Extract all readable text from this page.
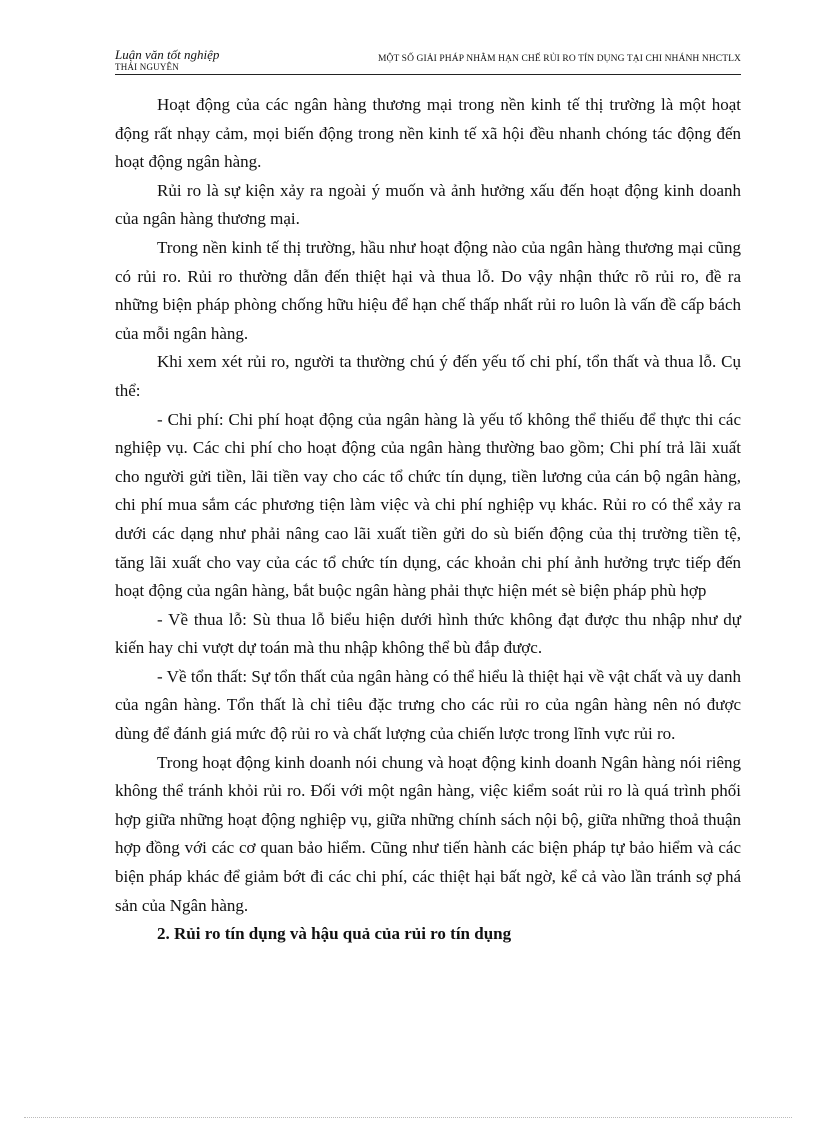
Luận văn tốt nghiệp
THÁI NGUYÊN
MỘT SỐ GIẢI PHÁP NHẰM HẠN CHẾ RỦI RO TÍN DỤNG TẠI CHI NHÁNH NHCTLX

Hoạt động của các ngân hàng thương mại trong nền kinh tế thị trường là một hoạt động rất nhạy cảm, mọi biến động trong nền kinh tế xã hội đều nhanh chóng tác động đến hoạt động ngân hàng.

Rủi ro là sự kiện xảy ra ngoài ý muốn và ảnh hưởng xấu đến hoạt động kinh doanh của ngân hàng thương mại.

Trong nền kinh tế thị trường, hầu như hoạt động nào của ngân hàng thương mại cũng có rủi ro. Rủi ro thường dẫn đến thiệt hại và thua lỗ. Do vậy nhận thức rõ rủi ro, đề ra những biện pháp phòng chống hữu hiệu để hạn chế thấp nhất rủi ro luôn là vấn đề cấp bách của mỗi ngân hàng.

Khi xem xét rủi ro, người ta thường chú ý đến yếu tố chi phí, tổn thất và thua lỗ. Cụ thể:

- Chi phí: Chi phí hoạt động của ngân hàng là yếu tố không thể thiếu để thực thi các nghiệp vụ. Các chi phí cho hoạt động của ngân hàng thường bao gồm; Chi phí trả lãi xuất cho người gửi tiền, lãi tiền vay cho các tổ chức tín dụng, tiền lương của cán bộ ngân hàng, chi phí mua sắm các phương tiện làm việc và chi phí nghiệp vụ khác. Rủi ro có thể xảy ra dưới các dạng như phải nâng cao lãi xuất tiền gửi do sù biến động của thị trường tiền tệ, tăng lãi xuất cho vay của các tổ chức tín dụng, các khoản chi phí ảnh hưởng trực tiếp đến hoạt động của ngân hàng, bắt buộc ngân hàng phải thực hiện mét sè biện pháp phù hợp

- Về thua lỗ: Sù thua lỗ biểu hiện dưới hình thức không đạt được thu nhập như dự kiến hay chi vượt dự toán mà thu nhập không thể bù đắp được.

- Về tổn thất: Sự tổn thất của ngân hàng có thể hiểu là thiệt hại về vật chất và uy danh của ngân hàng. Tổn thất là chỉ tiêu đặc trưng cho các rủi ro của ngân hàng nên nó được dùng để đánh giá mức độ rủi ro và chất lượng của chiến lược trong lĩnh vực rủi ro.

Trong hoạt động kinh doanh nói chung và hoạt động kinh doanh Ngân hàng nói riêng không thể tránh khỏi rủi ro. Đối với một ngân hàng, việc kiểm soát rủi ro là quá trình phối hợp giữa những hoạt động nghiệp vụ, giữa những chính sách nội bộ, giữa những thoả thuận hợp đồng với các cơ quan bảo hiểm. Cũng như tiến hành các biện pháp tự bảo hiểm và các biện pháp khác để giảm bớt đi các chi phí, các thiệt hại bất ngờ, kể cả vào lần tránh sợ phá sản của Ngân hàng.

2. Rủi ro tín dụng và hậu quả của rủi ro tín dụng
